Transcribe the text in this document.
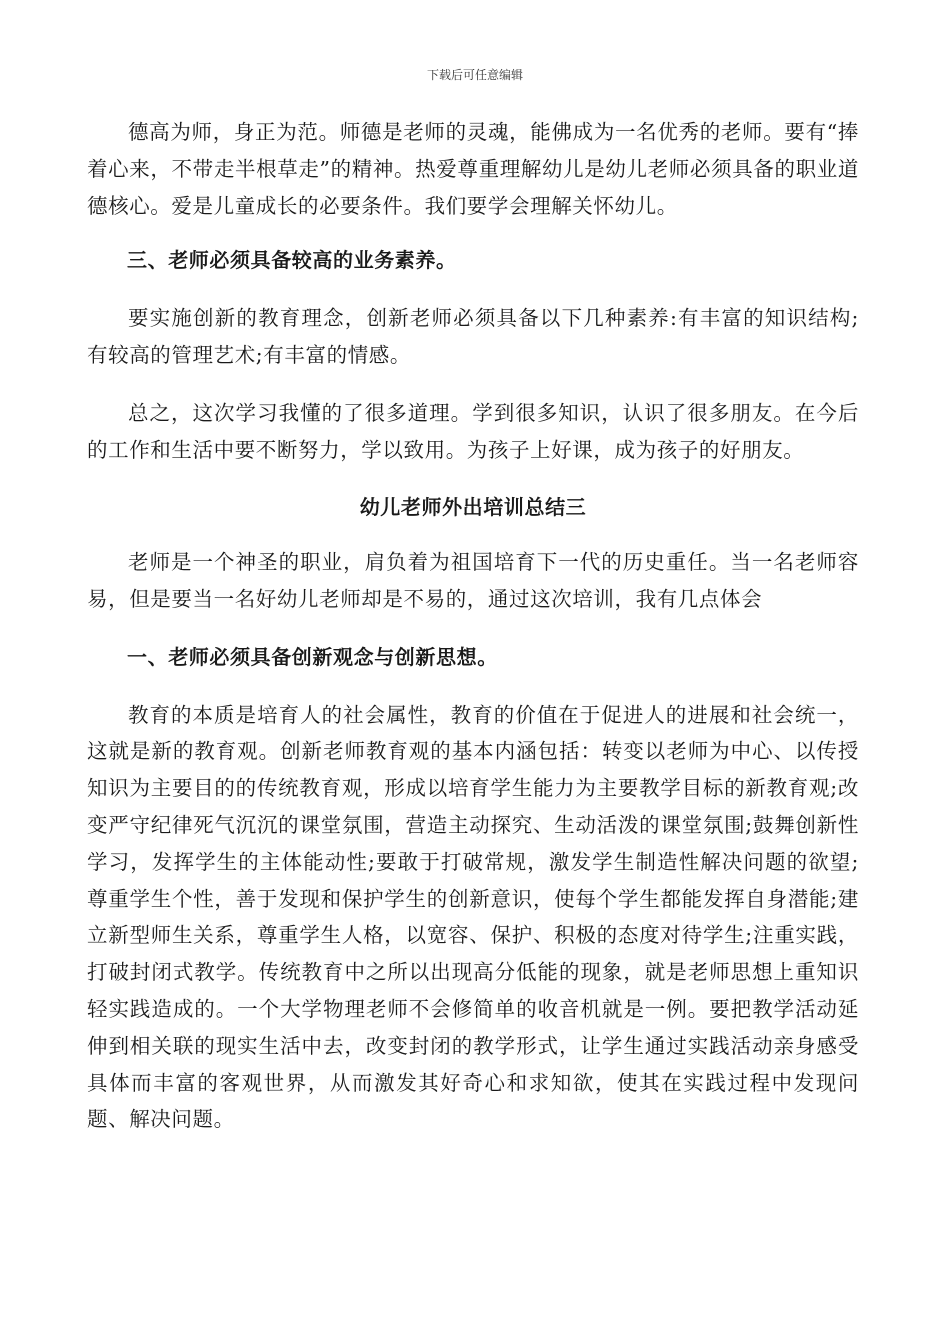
下载后可任意编辑

德高为师，身正为范。师德是老师的灵魂，能佛成为一名优秀的老师。要有“捧着心来，不带走半根草走”的精神。热爱尊重理解幼儿是幼儿老师必须具备的职业道德核心。爱是儿童成长的必要条件。我们要学会理解关怀幼儿。

三、老师必须具备较高的业务素养。

要实施创新的教育理念，创新老师必须具备以下几种素养:有丰富的知识结构;有较高的管理艺术;有丰富的情感。

总之，这次学习我懂的了很多道理。学到很多知识，认识了很多朋友。在今后的工作和生活中要不断努力，学以致用。为孩子上好课，成为孩子的好朋友。

幼儿老师外出培训总结三

老师是一个神圣的职业，肩负着为祖国培育下一代的历史重任。当一名老师容易，但是要当一名好幼儿老师却是不易的，通过这次培训，我有几点体会

一、老师必须具备创新观念与创新思想。

教育的本质是培育人的社会属性，教育的价值在于促进人的进展和社会统一，这就是新的教育观。创新老师教育观的基本内涵包括：转变以老师为中心、以传授知识为主要目的的传统教育观，形成以培育学生能力为主要教学目标的新教育观;改变严守纪律死气沉沉的课堂氛围，营造主动探究、生动活泼的课堂氛围;鼓舞创新性学习，发挥学生的主体能动性;要敢于打破常规，激发学生制造性解决问题的欲望;尊重学生个性，善于发现和保护学生的创新意识，使每个学生都能发挥自身潜能;建立新型师生关系，尊重学生人格，以宽容、保护、积极的态度对待学生;注重实践，打破封闭式教学。传统教育中之所以出现高分低能的现象，就是老师思想上重知识轻实践造成的。一个大学物理老师不会修简单的收音机就是一例。要把教学活动延伸到相关联的现实生活中去，改变封闭的教学形式，让学生通过实践活动亲身感受具体而丰富的客观世界，从而激发其好奇心和求知欲，使其在实践过程中发现问题、解决问题。
